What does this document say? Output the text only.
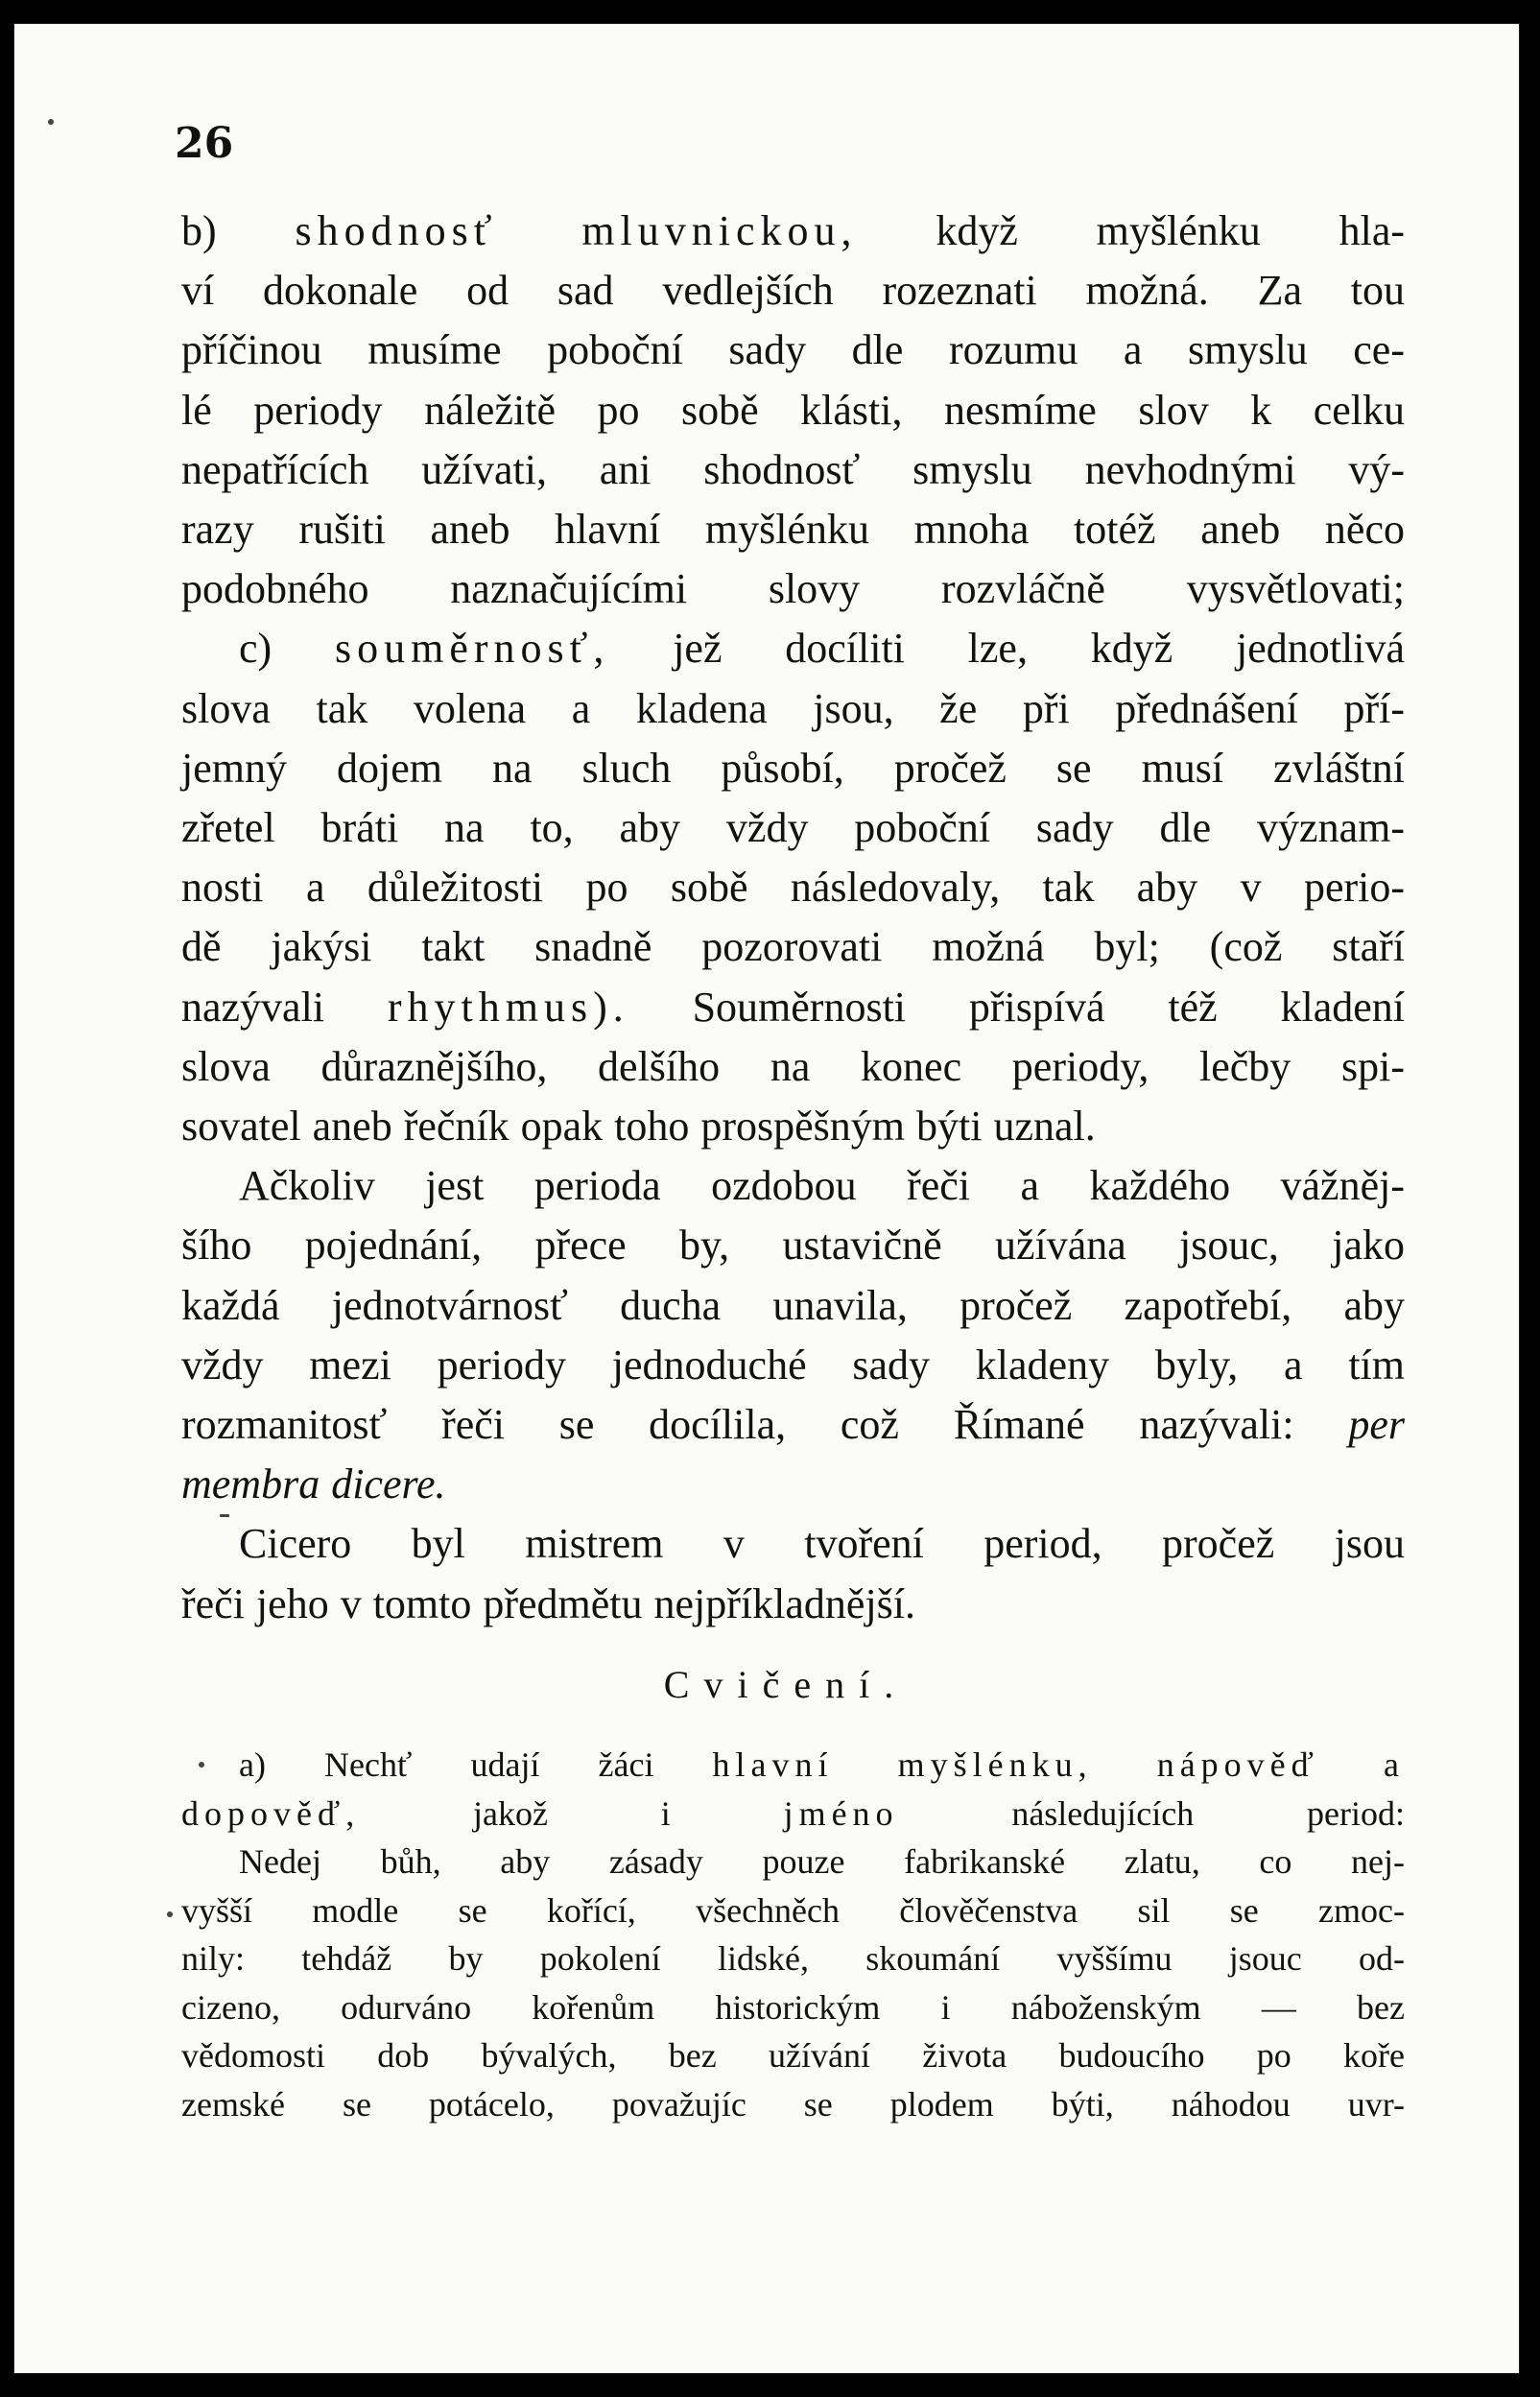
26
b) shodnosť mluvnickou, když myšlénku hla-
ví dokonale od sad vedlejších rozeznati možná. Za tou
příčinou musíme poboční sady dle rozumu a smyslu ce-
lé periody náležitě po sobě klásti, nesmíme slov k celku
nepatřících užívati, ani shodnosť smyslu nevhodnými vý-
razy rušiti aneb hlavní myšlénku mnoha totéž aneb něco
podobného naznačujícími slovy rozvláčně vysvětlovati;
c) souměrnosť, jež docíliti lze, když jednotlivá
slova tak volena a kladena jsou, že při přednášení pří-
jemný dojem na sluch působí, pročež se musí zvláštní
zřetel bráti na to, aby vždy poboční sady dle význam-
nosti a důležitosti po sobě následovaly, tak aby v perio-
dě jakýsi takt snadně pozorovati možná byl; (což staří
nazývali rhythmus). Souměrnosti přispívá též kladení
slova důraznějšího, delšího na konec periody, lečby spi-
sovatel aneb řečník opak toho prospěšným býti uznal.
Ačkoliv jest perioda ozdobou řeči a každého vážněj-
šího pojednání, přece by, ustavičně užívána jsouc, jako
každá jednotvárnosť ducha unavila, pročež zapotřebí, aby
vždy mezi periody jednoduché sady kladeny byly, a tím
rozmanitosť řeči se docílila, což Římané nazývali: per
membra dicere.
Cicero byl mistrem v tvoření period, pročež jsou
řeči jeho v tomto předmětu nejpříkladnější.
Cvičení.
a) Nechť udají žáci hlavní myšlénku, nápověď a
dopověď, jakož i jméno následujících period:
Nedej bůh, aby zásady pouze fabrikanské zlatu, co nej-
vyšší modle se kořící, všechněch člověčenstva sil se zmoc-
nily: tehdáž by pokolení lidské, skoumání vyššímu jsouc od-
cizeno, odurváno kořenům historickým i náboženským — bez
vědomosti dob bývalých, bez užívání života budoucího po koře
zemské se potácelo, považujíc se plodem býti, náhodou uvr-
